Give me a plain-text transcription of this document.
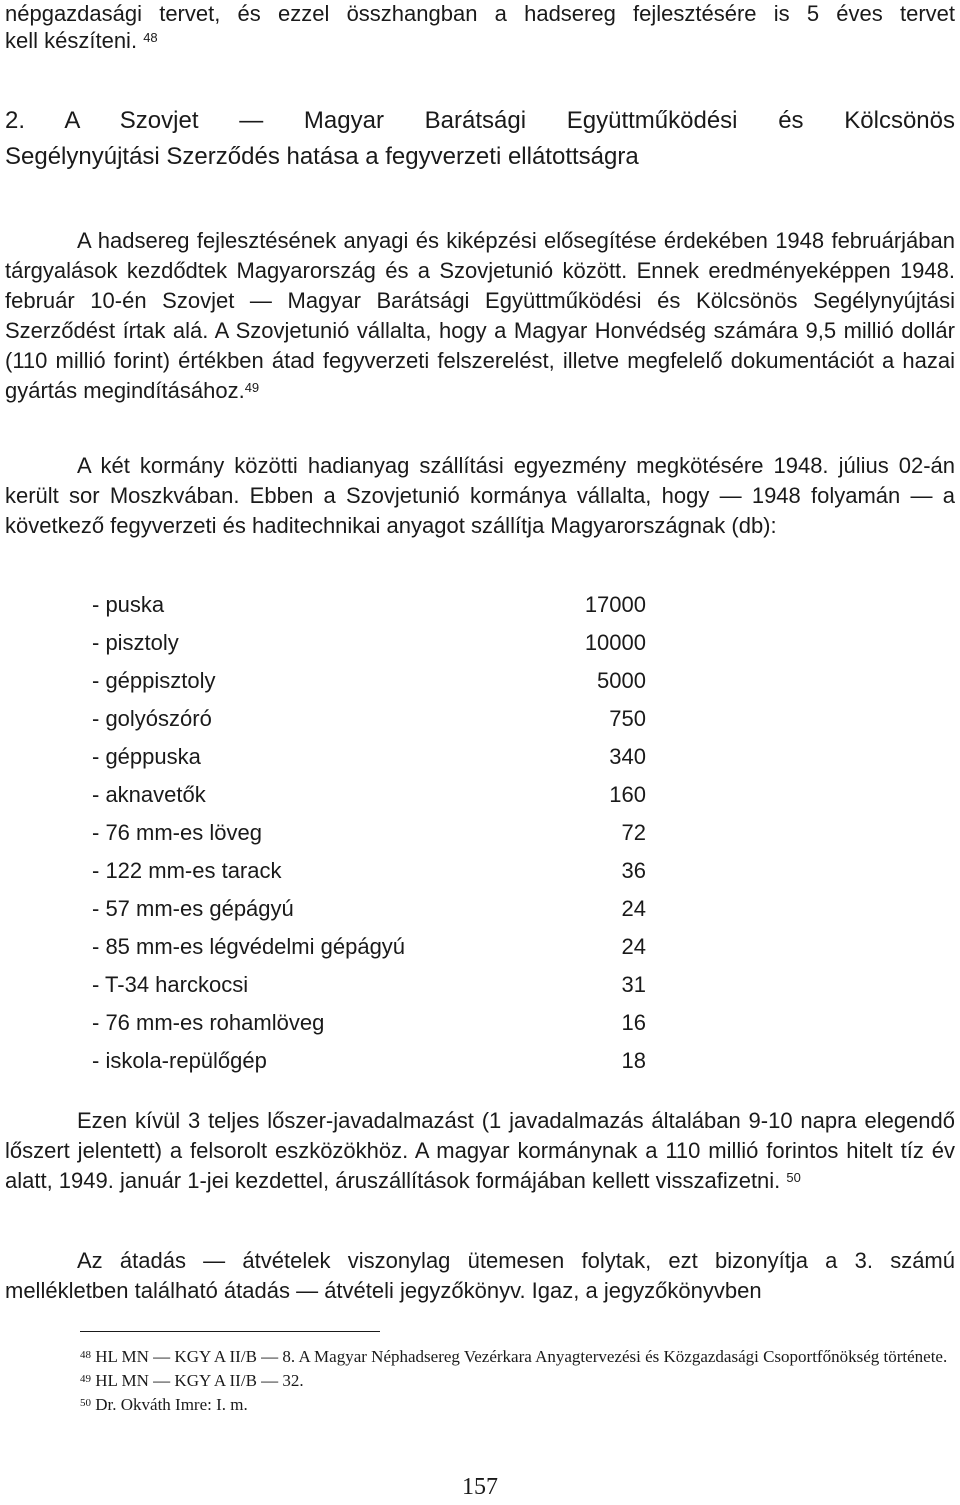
népgazdasági tervet, és ezzel összhangban a hadsereg fejlesztésére is 5 éves tervet
kell készíteni. $^{48}$
2. A Szovjet — Magyar Barátsági Együttműködési és Kölcsönös
Segélynyújtási Szerződés hatása a fegyverzeti ellátottságra
A hadsereg fejlesztésének anyagi és kiképzési elősegítése érdekében 1948 februárjában tárgyalások kezdődtek Magyarország és a Szovjetunió között. Ennek eredményeképpen 1948. február 10-én Szovjet — Magyar Barátsági Együttműködési és Kölcsönös Segélynyújtási Szerződést írtak alá. A Szovjetunió vállalta, hogy a Magyar Honvédség számára 9,5 millió dollár (110 millió forint) értékben átad fegyverzeti felszerelést, illetve megfelelő dokumentációt a hazai gyártás megindításához.$^{49}$
A két kormány közötti hadianyag szállítási egyezmény megkötésére 1948. július 02-án került sor Moszkvában. Ebben a Szovjetunió kormánya vállalta, hogy — 1948 folyamán — a következő fegyverzeti és haditechnikai anyagot szállítja Magyarországnak (db):
- puska	17000
- pisztoly	10000
- géppisztoly	5000
- golyószóró	750
- géppuska	340
- aknavetők	160
- 76 mm-es löveg	72
- 122 mm-es tarack	36
- 57 mm-es gépágyú	24
- 85 mm-es légvédelmi gépágyú	24
- T-34 harckocsi	31
- 76 mm-es rohamlöveg	16
- iskola-repülőgép	18
Ezen kívül 3 teljes lőszer-javadalmazást (1 javadalmazás általában 9-10 napra elegendő lőszert jelentett) a felsorolt eszközökhöz. A magyar kormánynak a 110 millió forintos hitelt tíz év alatt, 1949. január 1-jei kezdettel, áruszállítások formájában kellett visszafizetni. $^{50}$
Az átadás — átvételek viszonylag ütemesen folytak, ezt bizonyítja a 3. számú mellékletben található átadás — átvételi jegyzőkönyv. Igaz, a jegyzőkönyvben
$^{48}$ HL MN — KGY A II/B — 8. A Magyar Néphadsereg Vezérkara Anyagtervezési és Közgazdasági Csoportfőnökség története.
$^{49}$ HL MN — KGY A II/B — 32.
$^{50}$ Dr. Okváth Imre: I. m.
157
